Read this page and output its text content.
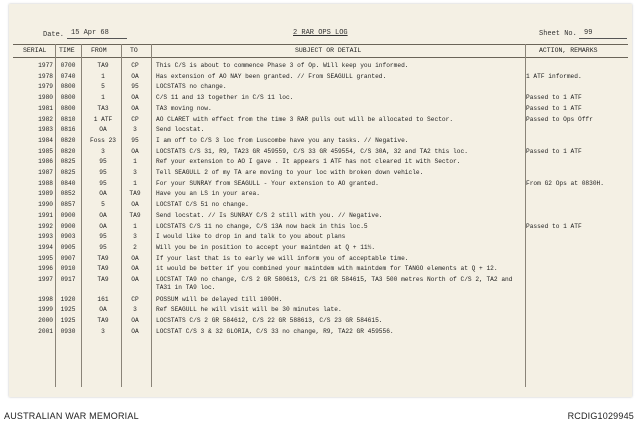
Date. 15 Apr 68	2 RAR OPS LOG	Sheet No. 99
SERIAL TIME	FROM	TO	SUBJECT OR DETAIL	ACTION, REMARKS
1977	0700	TA9	CP	This C/S is about to commence Phase 3 of Op. Will keep you informed.
1978	0740	1	OA	Has extension of AO NAY been granted. // From SEAGULL granted.	1 ATF informed.
1979	0800	5	95	LOCSTATS no change.
1980	0800	1	OA	C/S 11 and 13 together in C/S 11 loc.	Passed to 1 ATF
1981	0800	TA3	OA	TA3 moving now.	Passed to 1 ATF
1982	0810	1 ATF	CP	AO CLARET with effect from the time 3 RAR pulls out will be allocated to Sector.	Passed to Ops Offr
1983	0816	OA	3	Send locstat.
1984	0820	Foss 23	95	I am off to C/S 3 loc from Luscombe have you any tasks. // Negative.
1985	0820	3	OA	LOCSTATS C/S 31, R9, TA23 GR 459559, C/S 33 GR 459554, C/S 30A, 32 and TA2 this loc.	Passed to 1 ATF
1986	0825	95	1	Ref your extension to AO I gave . It appears 1 ATF has not cleared it with Sector.
1987	0825	95	3	Tell SEAGULL 2 of my TA are moving to your loc with broken down vehicle.
1988	0840	95	1	For your SUNRAY from SEAGULL - Your extension to AO granted.	From G2 Ops at 0830H.
1989	0852	OA	TA9	Have you an LS in your area.
1990	0857	5	OA	LOCSTAT C/S 51 no change.
1991	0900	OA	TA9	Send locstat. // Is SUNRAY C/S 2 still with you. // Negative.
1992	0900	OA	1	LOCSTATS C/S 11 no change, C/S 13A now back in this loc.5	Passed to 1 ATF
1993	0903	95	3	I would like to drop in and talk to you about plans
1994	0905	95	2	Will you be in position to accept your maintden at Q + 11½.
1995	0907	TA9	OA	If your last that is to early we will inform you of acceptable time.
1996	0910	TA9	OA	it would be better if you combined your maintdem with maintdem for TANGO elements at Q + 12.
1997	0917	TA9	OA	LOCSTAT TA9 no change, C/S 2 GR 580613, C/S 21 GR 584615, TA3 500 metres North of C/S 2, TA2 and TA31 in TA9 loc.
1998	1920	161	CP	POSSUM will be delayed till 1000H.
1999	1925	OA	3	Ref SEAGULL he will visit will be 30 minutes late.
2000	1925	TA9	OA	LOCSTATS C/S 2 GR 584612, C/S 22 GR 588613, C/S 23 GR 584615.
2001	0930	3	OA	LOCSTAT C/S 3 & 32 GLORIA, C/S 33 no change, R9, TA22 GR 459556.
AUSTRALIAN WAR MEMORIAL	RCDIG1029945
